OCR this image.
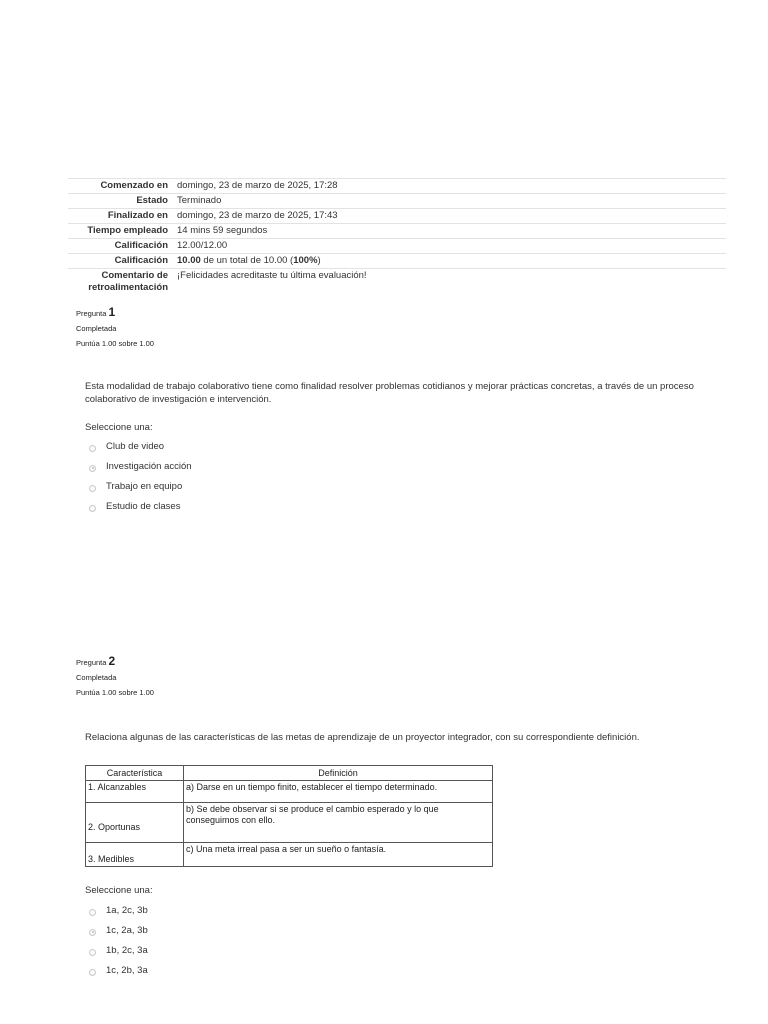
Comenzado en	domingo, 23 de marzo de 2025, 17:28
Estado	Terminado
Finalizado en	domingo, 23 de marzo de 2025, 17:43
Tiempo empleado	14 mins 59 segundos
Calificación	12.00/12.00
Calificación	10.00 de un total de 10.00 (100%)
Comentario de retroalimentación	¡Felicidades acreditaste tu última evaluación!
Pregunta 1
Completada
Puntúa 1.00 sobre 1.00
Esta modalidad de trabajo colaborativo tiene como finalidad resolver problemas cotidianos y mejorar prácticas concretas, a través de un proceso colaborativo de investigación e intervención.
Seleccione una:
Club de video
Investigación acción
Trabajo en equipo
Estudio de clases
Pregunta 2
Completada
Puntúa 1.00 sobre 1.00
Relaciona algunas de las características de las metas de aprendizaje de un proyector integrador, con su correspondiente definición.
Característica	Definición
1. Alcanzables	a) Darse en un tiempo finito, establecer el tiempo determinado.
2. Oportunas	b) Se debe observar si se produce el cambio esperado y lo que conseguimos con ello.
3. Medibles	c) Una meta irreal pasa a ser un sueño o fantasía.
Seleccione una:
1a, 2c, 3b
1c, 2a, 3b
1b, 2c, 3a
1c, 2b, 3a
